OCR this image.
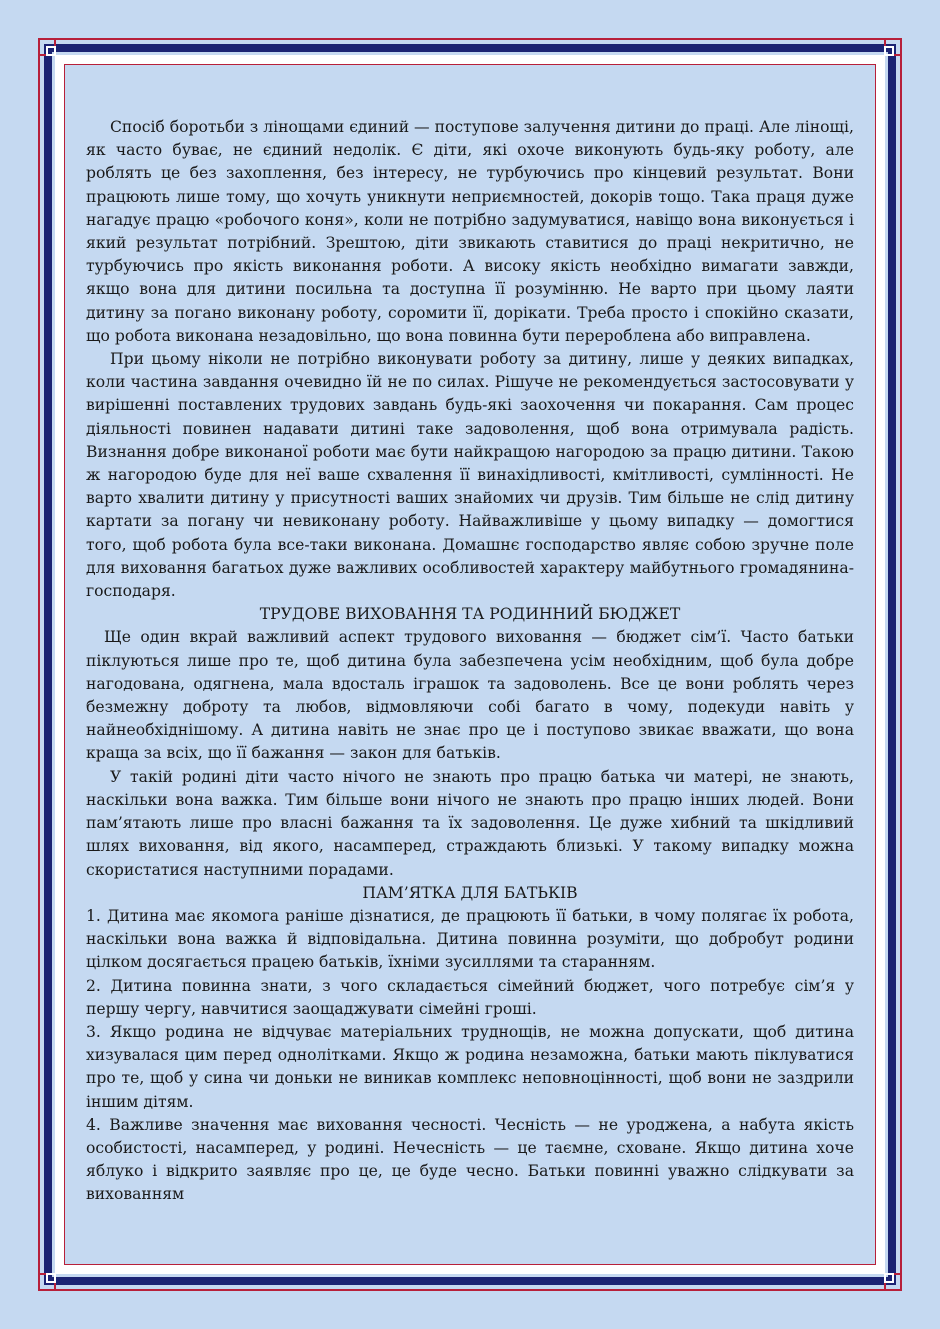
Спосіб боротьби з лінощами єдиний — поступове залучення дитини до праці. Але лінощі, як часто буває, не єдиний недолік. Є діти, які охоче виконують будь-яку роботу, але роблять це без захоплення, без інтересу, не турбуючись про кінцевий результат. Вони працюють лише тому, що хочуть уникнути неприємностей, докорів тощо. Така праця дуже нагадує працю «робочого коня», коли не потрібно задумуватися, навіщо вона виконується і який результат потрібний. Зрештою, діти звикають ставитися до праці некритично, не турбуючись про якість виконання роботи. А високу якість необхідно вимагати завжди, якщо вона для дитини посильна та доступна її розумінню. Не варто при цьому лаяти дитину за погано виконану роботу, соромити її, дорікати. Треба просто і спокійно сказати, що робота виконана незадовільно, що вона повинна бути перероблена або виправлена.

При цьому ніколи не потрібно виконувати роботу за дитину, лише у деяких випадках, коли частина завдання очевидно їй не по силах. Рішуче не рекомендується застосовувати у вирішенні поставлених трудових завдань будь-які заохочення чи покарання. Сам процес діяльності повинен надавати дитині таке задоволення, щоб вона отримувала радість. Визнання добре виконаної роботи має бути найкращою нагородою за працю дитини. Такою ж нагородою буде для неї ваше схвалення її винахідливості, кмітливості, сумлінності. Не варто хвалити дитину у присутності ваших знайомих чи друзів. Тим більше не слід дитину картати за погану чи невиконану роботу. Найважливіше у цьому випадку — домогтися того, щоб робота була все-таки виконана. Домашнє господарство являє собою зручне поле для виховання багатьох дуже важливих особливостей характеру майбутнього громадянина-господаря.

ТРУДОВЕ ВИХОВАННЯ ТА РОДИННИЙ БЮДЖЕТ

Ще один вкрай важливий аспект трудового виховання — бюджет сім’ї. Часто батьки піклуються лише про те, щоб дитина була забезпечена усім необхідним, щоб була добре нагодована, одягнена, мала вдосталь іграшок та задоволень. Все це вони роблять через безмежну доброту та любов, відмовляючи собі багато в чому, подекуди навіть у найнеобхіднішому. А дитина навіть не знає про це і поступово звикає вважати, що вона краща за всіх, що її бажання — закон для батьків.

У такій родині діти часто нічого не знають про працю батька чи матері, не знають, наскільки вона важка. Тим більше вони нічого не знають про працю інших людей. Вони пам’ятають лише про власні бажання та їх задоволення. Це дуже хибний та шкідливий шлях виховання, від якого, насамперед, страждають близькі. У такому випадку можна скористатися наступними порадами.

ПАМ’ЯТКА ДЛЯ БАТЬКІВ

1. Дитина має якомога раніше дізнатися, де працюють її батьки, в чому полягає їх робота, наскільки вона важка й відповідальна. Дитина повинна розуміти, що добробут родини цілком досягається працею батьків, їхніми зусиллями та старанням.

2. Дитина повинна знати, з чого складається сімейний бюджет, чого потребує сім’я у першу чергу, навчитися заощаджувати сімейні гроші.

3. Якщо родина не відчуває матеріальних труднощів, не можна допускати, щоб дитина хизувалася цим перед однолітками. Якщо ж родина незаможна, батьки мають піклуватися про те, щоб у сина чи доньки не виникав комплекс неповноцінності, щоб вони не заздрили іншим дітям.

4. Важливе значення має виховання чесності. Чесність — не уроджена, а набута якість особистості, насамперед, у родині. Нечесність — це таємне, сховане. Якщо дитина хоче яблуко і відкрито заявляє про це, це буде чесно. Батьки повинні уважно слідкувати за вихованням
